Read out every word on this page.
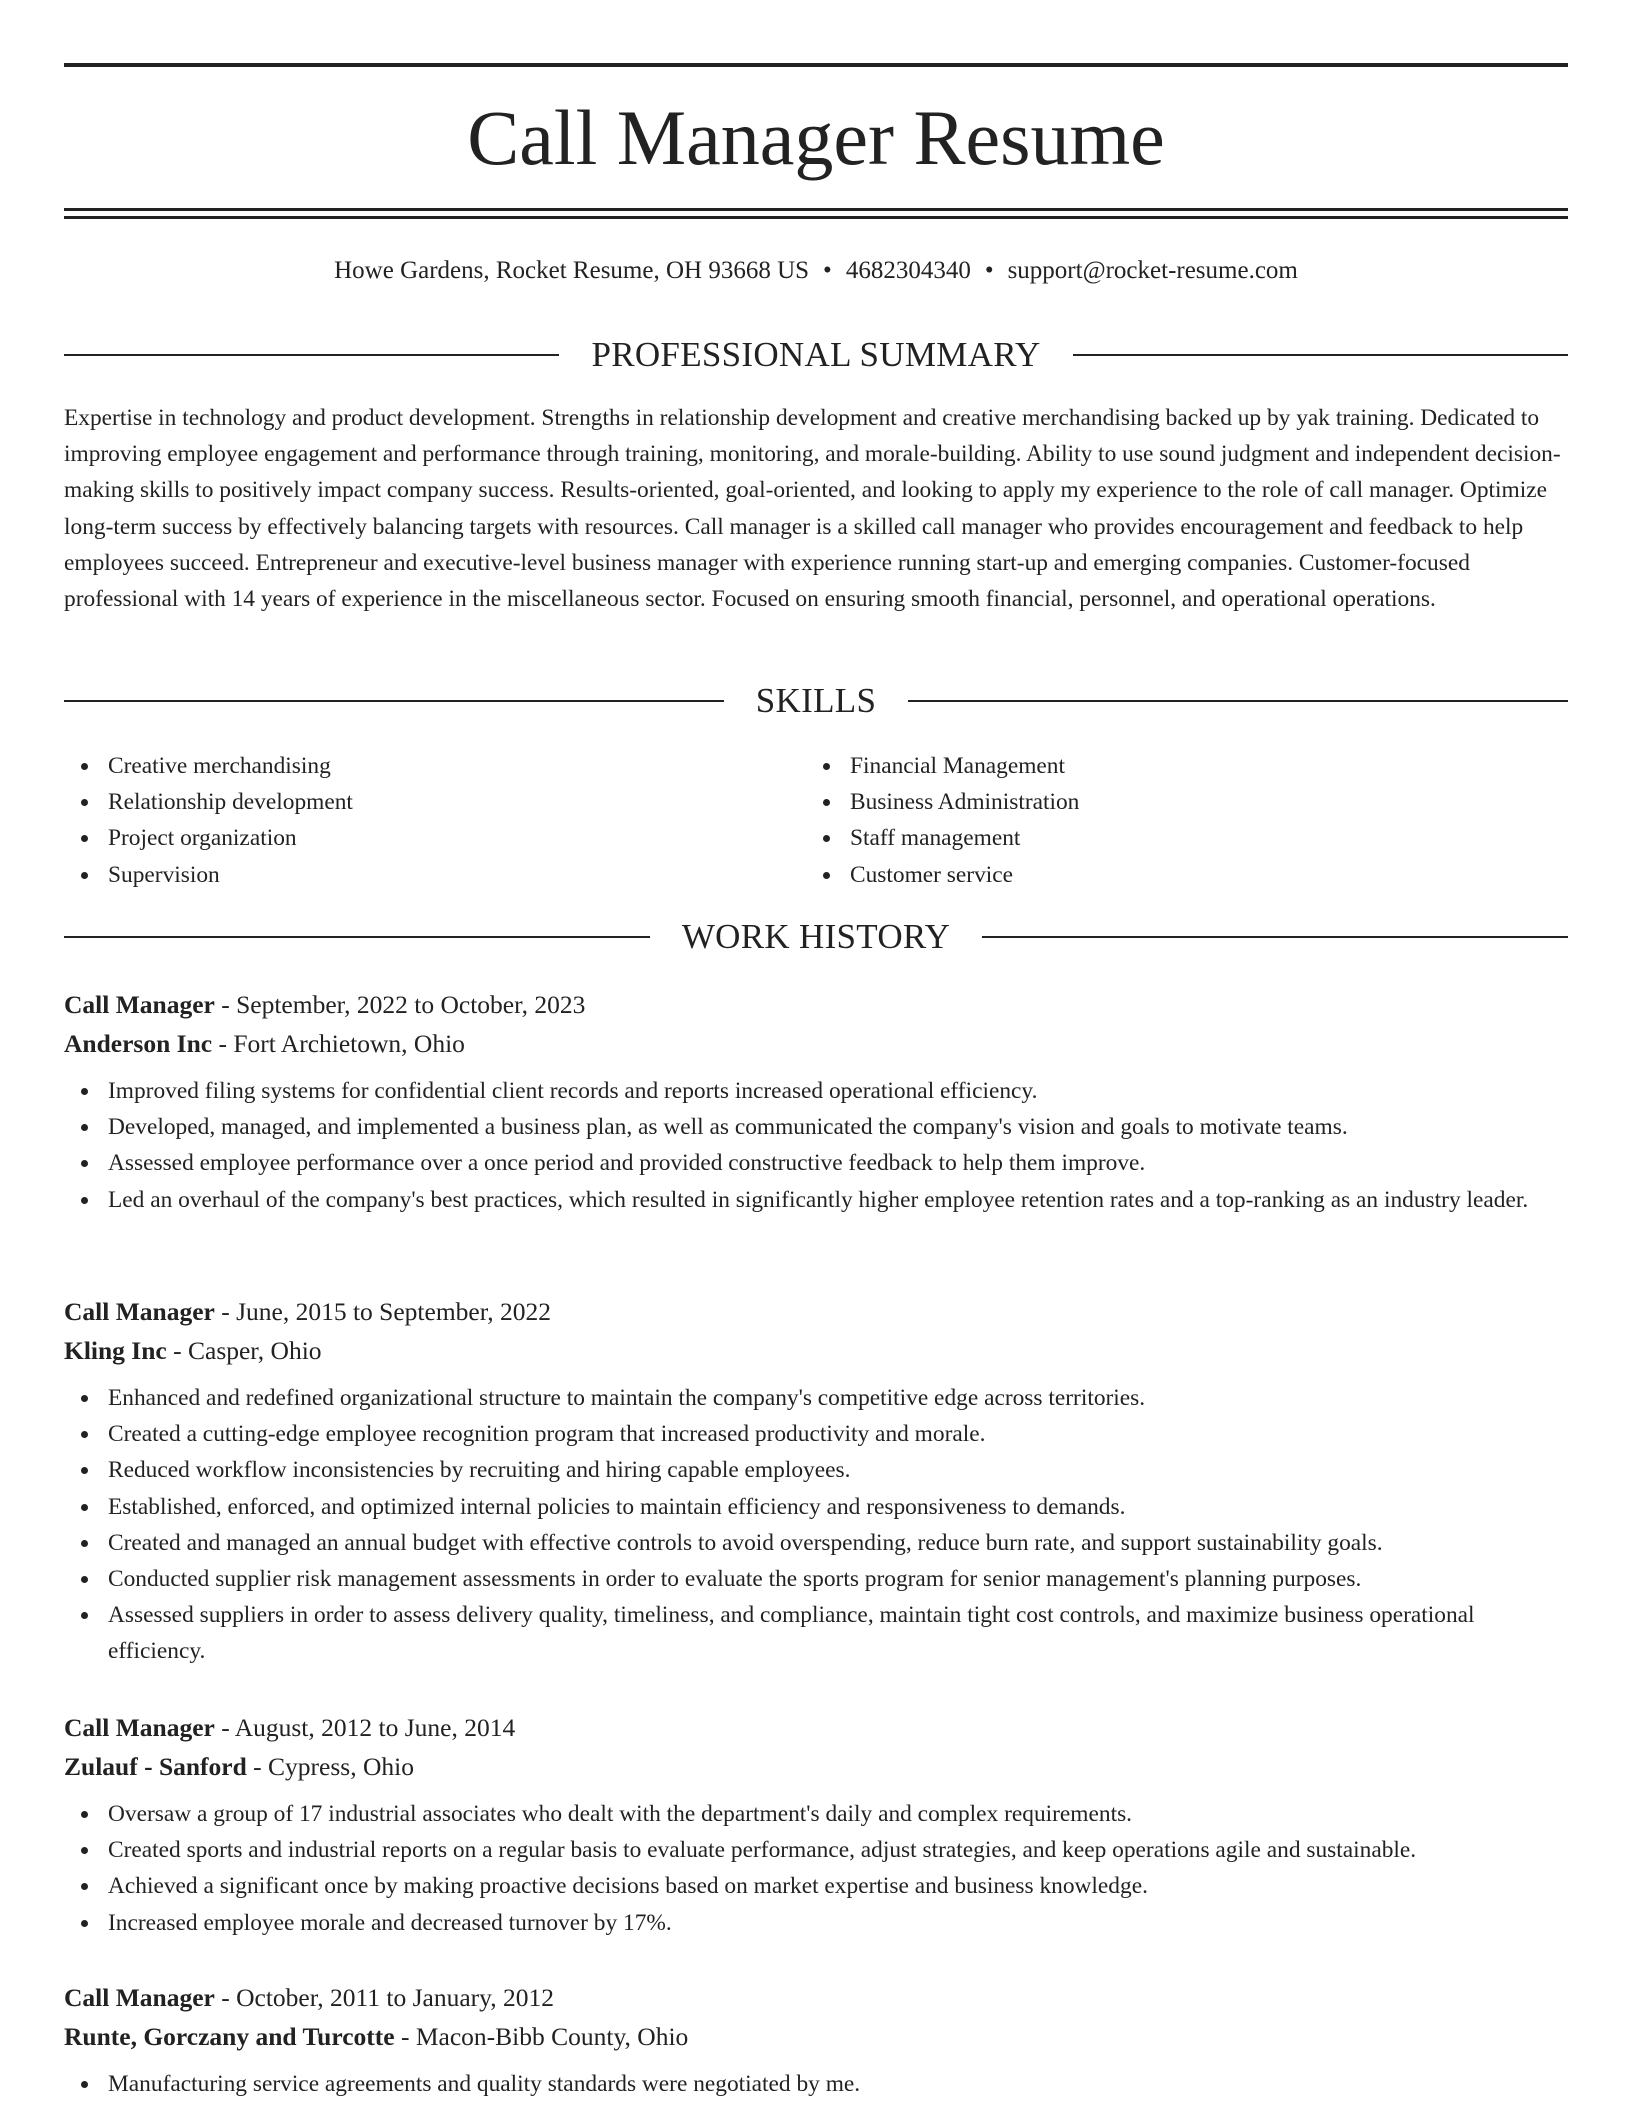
Call Manager Resume
Howe Gardens, Rocket Resume, OH 93668 US • 4682304340 • support@rocket-resume.com
PROFESSIONAL SUMMARY

Expertise in technology and product development. Strengths in relationship development and creative merchandising backed up by yak training. Dedicated to improving employee engagement and performance through training, monitoring, and morale-building. Ability to use sound judgment and independent decision-making skills to positively impact company success. Results-oriented, goal-oriented, and looking to apply my experience to the role of call manager. Optimize long-term success by effectively balancing targets with resources. Call manager is a skilled call manager who provides encouragement and feedback to help employees succeed. Entrepreneur and executive-level business manager with experience running start-up and emerging companies. Customer-focused professional with 14 years of experience in the miscellaneous sector. Focused on ensuring smooth financial, personnel, and operational operations.

SKILLS
Creative merchandising
Relationship development
Project organization
Supervision
Financial Management
Business Administration
Staff management
Customer service
WORK HISTORY
Call Manager - September, 2022 to October, 2023
Anderson Inc - Fort Archietown, Ohio
Improved filing systems for confidential client records and reports increased operational efficiency.
Developed, managed, and implemented a business plan, as well as communicated the company's vision and goals to motivate teams.
Assessed employee performance over a once period and provided constructive feedback to help them improve.
Led an overhaul of the company's best practices, which resulted in significantly higher employee retention rates and a top-ranking as an industry leader.
Call Manager - June, 2015 to September, 2022
Kling Inc - Casper, Ohio
Enhanced and redefined organizational structure to maintain the company's competitive edge across territories.
Created a cutting-edge employee recognition program that increased productivity and morale.
Reduced workflow inconsistencies by recruiting and hiring capable employees.
Established, enforced, and optimized internal policies to maintain efficiency and responsiveness to demands.
Created and managed an annual budget with effective controls to avoid overspending, reduce burn rate, and support sustainability goals.
Conducted supplier risk management assessments in order to evaluate the sports program for senior management's planning purposes.
Assessed suppliers in order to assess delivery quality, timeliness, and compliance, maintain tight cost controls, and maximize business operational efficiency.
Call Manager - August, 2012 to June, 2014
Zulauf - Sanford - Cypress, Ohio
Oversaw a group of 17 industrial associates who dealt with the department's daily and complex requirements.
Created sports and industrial reports on a regular basis to evaluate performance, adjust strategies, and keep operations agile and sustainable.
Achieved a significant once by making proactive decisions based on market expertise and business knowledge.
Increased employee morale and decreased turnover by 17%.
Call Manager - October, 2011 to January, 2012
Runte, Gorczany and Turcotte - Macon-Bibb County, Ohio
Manufacturing service agreements and quality standards were negotiated by me.
